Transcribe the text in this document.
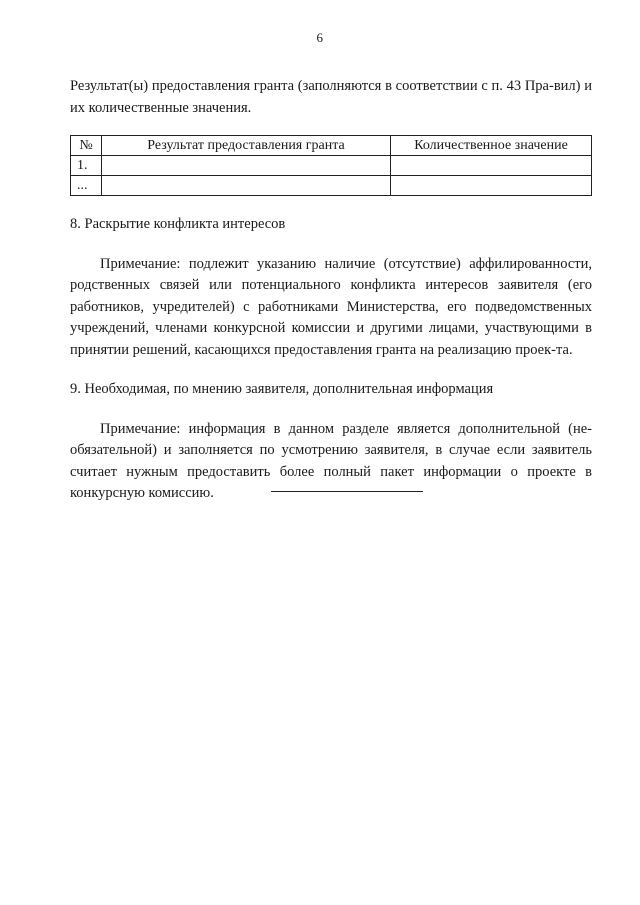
6

Результат(ы) предоставления гранта (заполняются в соответствии с п. 43 Пра-вил) и их количественные значения.

№	Результат предоставления гранта	Количественное значение
1.		
...		

8. Раскрытие конфликта интересов

Примечание: подлежит указанию наличие (отсутствие) аффилированности, родственных связей или потенциального конфликта интересов заявителя (его работников, учредителей) с работниками Министерства, его подведомственных учреждений, членами конкурсной комиссии и другими лицами, участвующими в принятии решений, касающихся предоставления гранта на реализацию проек-та.

9. Необходимая, по мнению заявителя, дополнительная информация

Примечание: информация в данном разделе является дополнительной (не-обязательной) и заполняется по усмотрению заявителя, в случае если заявитель считает нужным предоставить более полный пакет информации о проекте в конкурсную комиссию.
